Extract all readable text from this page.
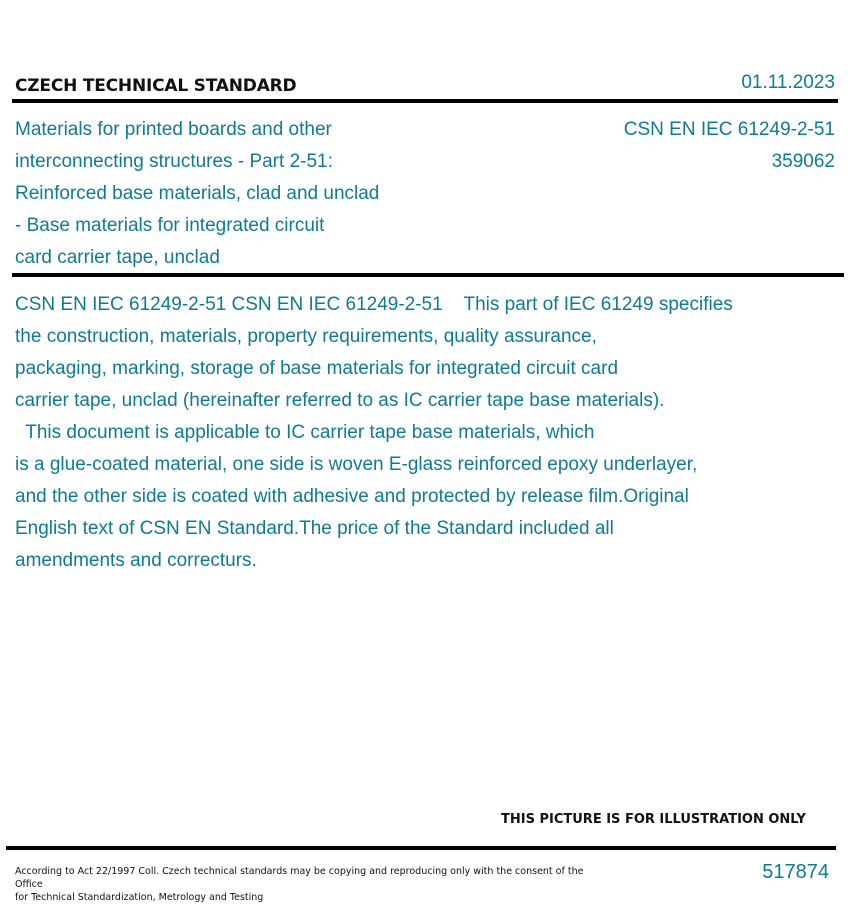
CZECH TECHNICAL STANDARD	01.11.2023
Materials for printed boards and other
interconnecting structures - Part 2-51:
Reinforced base materials, clad and unclad
- Base materials for integrated circuit
card carrier tape, unclad
CSN EN IEC 61249-2-51
359062
CSN EN IEC 61249-2-51 CSN EN IEC 61249-2-51    This part of IEC 61249 specifies
the construction, materials, property requirements, quality assurance,
packaging, marking, storage of base materials for integrated circuit card
carrier tape, unclad (hereinafter referred to as IC carrier tape base materials).
This document is applicable to IC carrier tape base materials, which
is a glue-coated material, one side is woven E-glass reinforced epoxy underlayer,
and the other side is coated with adhesive and protected by release film.Original
English text of CSN EN Standard.The price of the Standard included all
amendments and correcturs.
THIS PICTURE IS FOR ILLUSTRATION ONLY
According to Act 22/1997 Coll. Czech technical standards may be copying and reproducing only with the consent of the Office
for Technical Standardization, Metrology and Testing
517874
